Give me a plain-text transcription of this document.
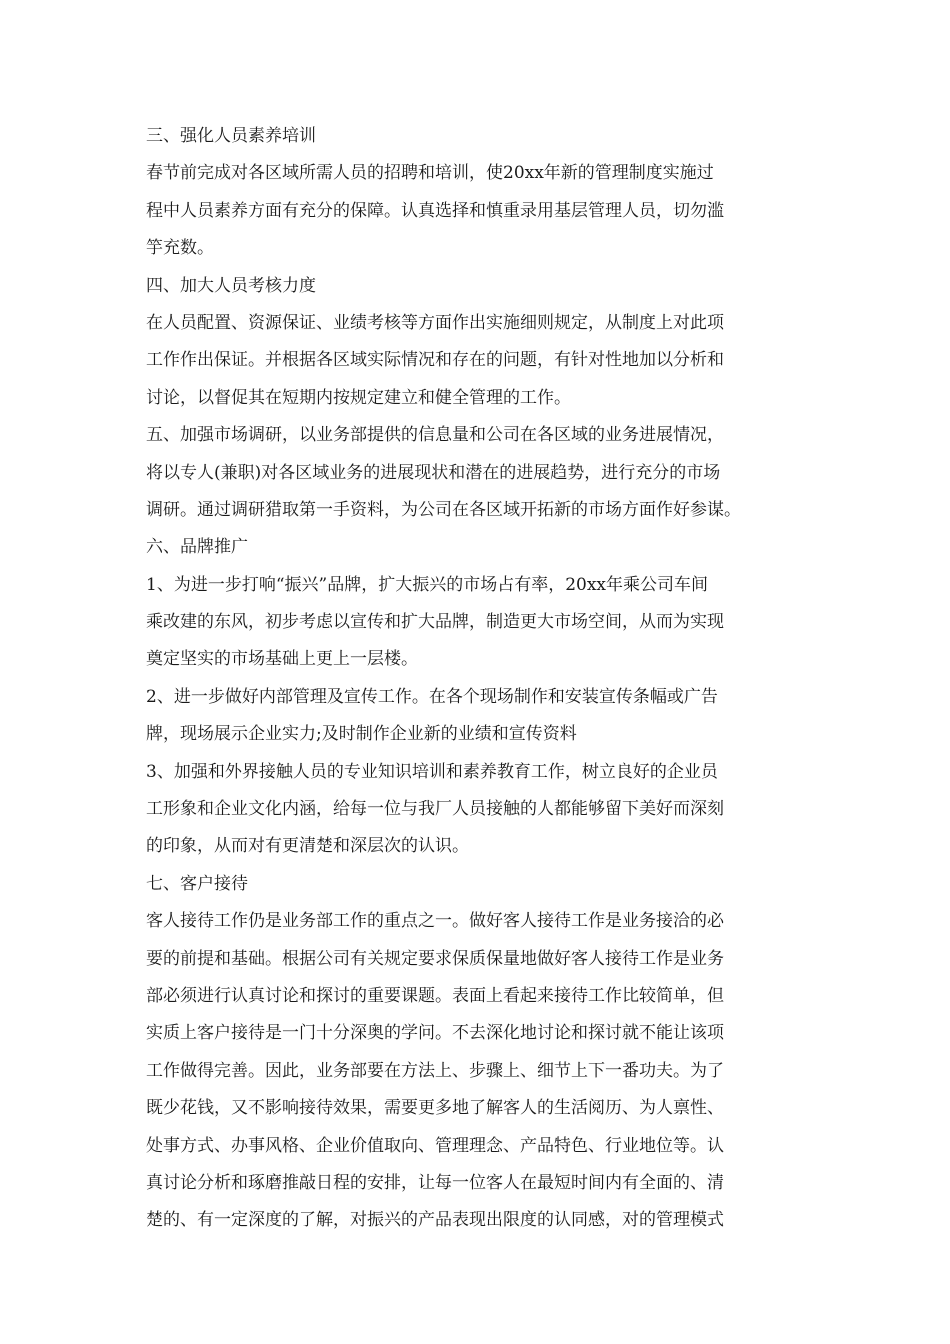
三、强化人员素养培训
春节前完成对各区域所需人员的招聘和培训，使20xx年新的管理制度实施过
程中人员素养方面有充分的保障。认真选择和慎重录用基层管理人员，切勿滥
竽充数。
四、加大人员考核力度
在人员配置、资源保证、业绩考核等方面作出实施细则规定，从制度上对此项
工作作出保证。并根据各区域实际情况和存在的问题，有针对性地加以分析和
讨论，以督促其在短期内按规定建立和健全管理的工作。
五、加强市场调研，以业务部提供的信息量和公司在各区域的业务进展情况，
将以专人(兼职)对各区域业务的进展现状和潜在的进展趋势，进行充分的市场
调研。通过调研猎取第一手资料，为公司在各区域开拓新的市场方面作好参谋。
六、品牌推广
1、为进一步打响“振兴”品牌，扩大振兴的市场占有率，20xx年乘公司车间
乘改建的东风，初步考虑以宣传和扩大品牌，制造更大市场空间，从而为实现
奠定坚实的市场基础上更上一层楼。
2、进一步做好内部管理及宣传工作。在各个现场制作和安装宣传条幅或广告
牌，现场展示企业实力;及时制作企业新的业绩和宣传资料
3、加强和外界接触人员的专业知识培训和素养教育工作，树立良好的企业员
工形象和企业文化内涵，给每一位与我厂人员接触的人都能够留下美好而深刻
的印象，从而对有更清楚和深层次的认识。
七、客户接待
客人接待工作仍是业务部工作的重点之一。做好客人接待工作是业务接洽的必
要的前提和基础。根据公司有关规定要求保质保量地做好客人接待工作是业务
部必须进行认真讨论和探讨的重要课题。表面上看起来接待工作比较简单，但
实质上客户接待是一门十分深奥的学问。不去深化地讨论和探讨就不能让该项
工作做得完善。因此，业务部要在方法上、步骤上、细节上下一番功夫。为了
既少花钱，又不影响接待效果，需要更多地了解客人的生活阅历、为人禀性、
处事方式、办事风格、企业价值取向、管理理念、产品特色、行业地位等。认
真讨论分析和琢磨推敲日程的安排，让每一位客人在最短时间内有全面的、清
楚的、有一定深度的了解，对振兴的产品表现出限度的认同感，对的管理模式
